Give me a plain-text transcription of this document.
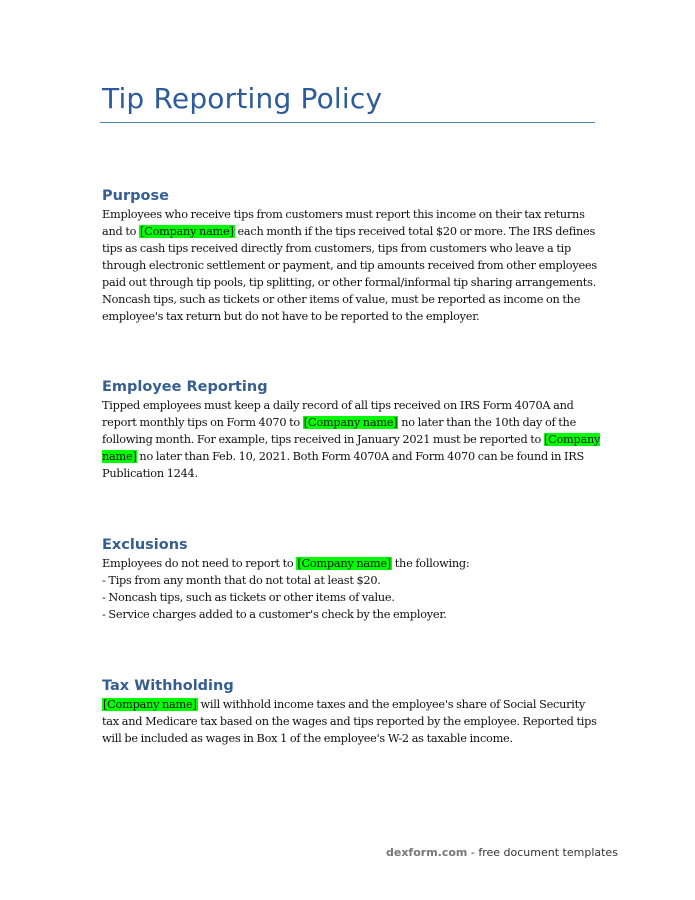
Tip Reporting Policy
Purpose

Employees who receive tips from customers must report this income on their tax returns and to [Company name] each month if the tips received total $20 or more. The IRS defines tips as cash tips received directly from customers, tips from customers who leave a tip through electronic settlement or payment, and tip amounts received from other employees paid out through tip pools, tip splitting, or other formal/informal tip sharing arrangements. Noncash tips, such as tickets or other items of value, must be reported as income on the employee's tax return but do not have to be reported to the employer.

Employee Reporting

Tipped employees must keep a daily record of all tips received on IRS Form 4070A and report monthly tips on Form 4070 to [Company name] no later than the 10th day of the following month. For example, tips received in January 2021 must be reported to [Company name] no later than Feb. 10, 2021. Both Form 4070A and Form 4070 can be found in IRS Publication 1244.

Exclusions

Employees do not need to report to [Company name] the following:
- Tips from any month that do not total at least $20.
- Noncash tips, such as tickets or other items of value.
- Service charges added to a customer's check by the employer.

Tax Withholding

[Company name] will withhold income taxes and the employee's share of Social Security tax and Medicare tax based on the wages and tips reported by the employee. Reported tips will be included as wages in Box 1 of the employee's W-2 as taxable income.

dexform.com - free document templates
